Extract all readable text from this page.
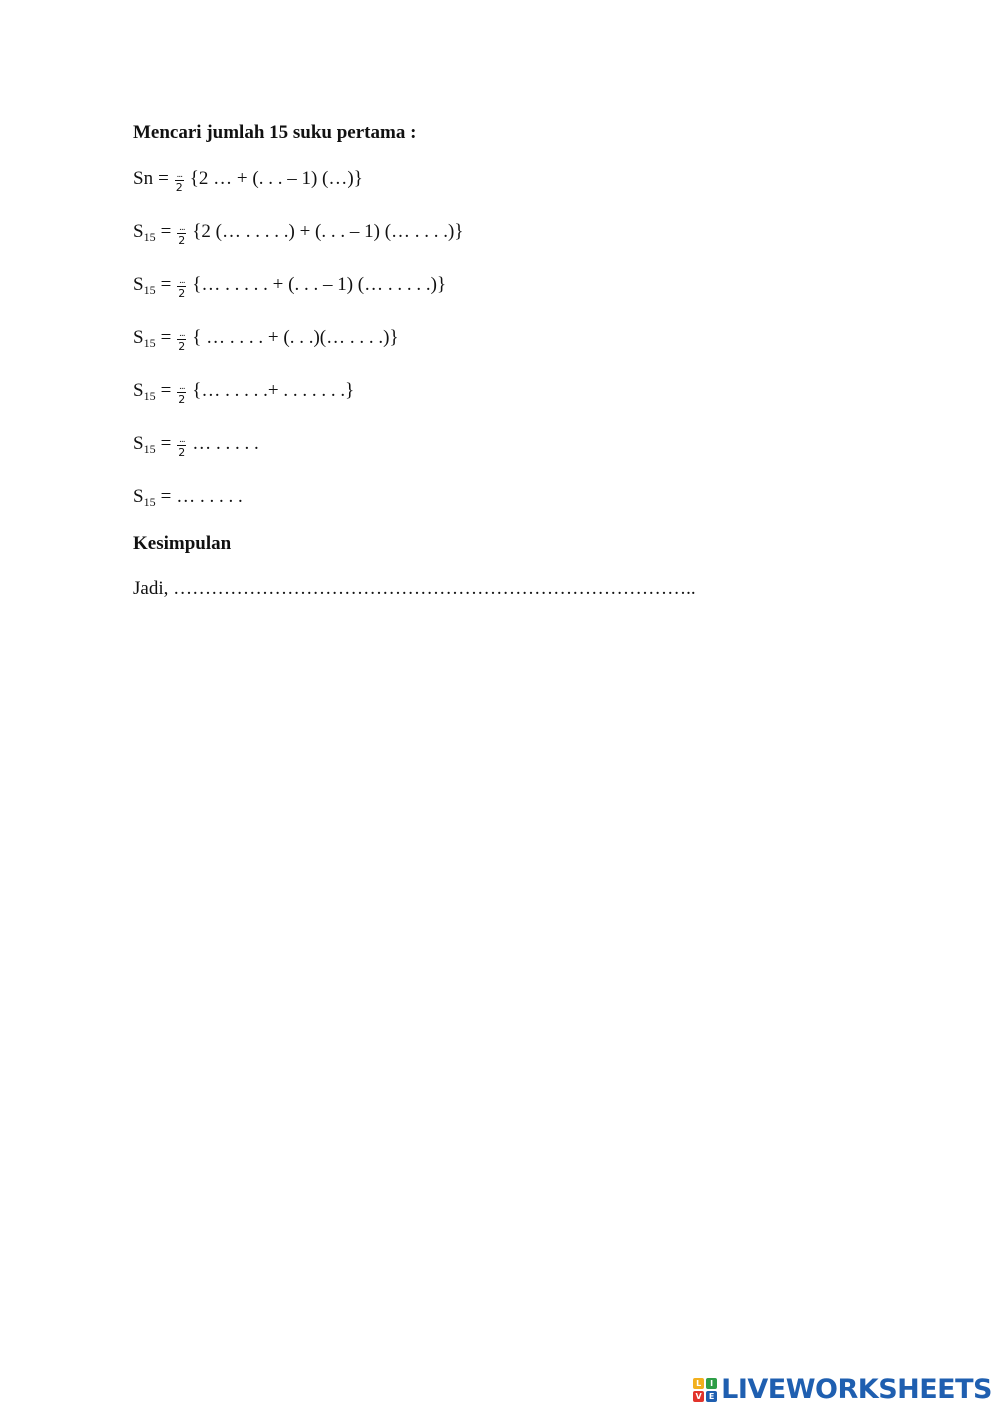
Mencari jumlah 15 suku pertama :
$Sn = \frac{...}{2} \{2$ … + (. . . – 1) (…)}
S $15 = \frac{...}{2} \{2$ (… . . . . .) + (. . . – 1) (… . . . .)}
S $15 = \frac{...}{2}$ {… . . . . . + (. . . – 1) (… . . . . .)}
S $15 = \frac{...}{2}$ { … . . . . + (. . .)(… . . . .)}
S $15 = \frac{...}{2}$ {… . . . . .+ . . . . . . .}
S $15 = \frac{...}{2}$ … . . . . .
S 15 = … . . . . .
Kesimpulan
Jadi, ………………………………………………………………………..
L	I
V E LIVEWORKSHEETS
